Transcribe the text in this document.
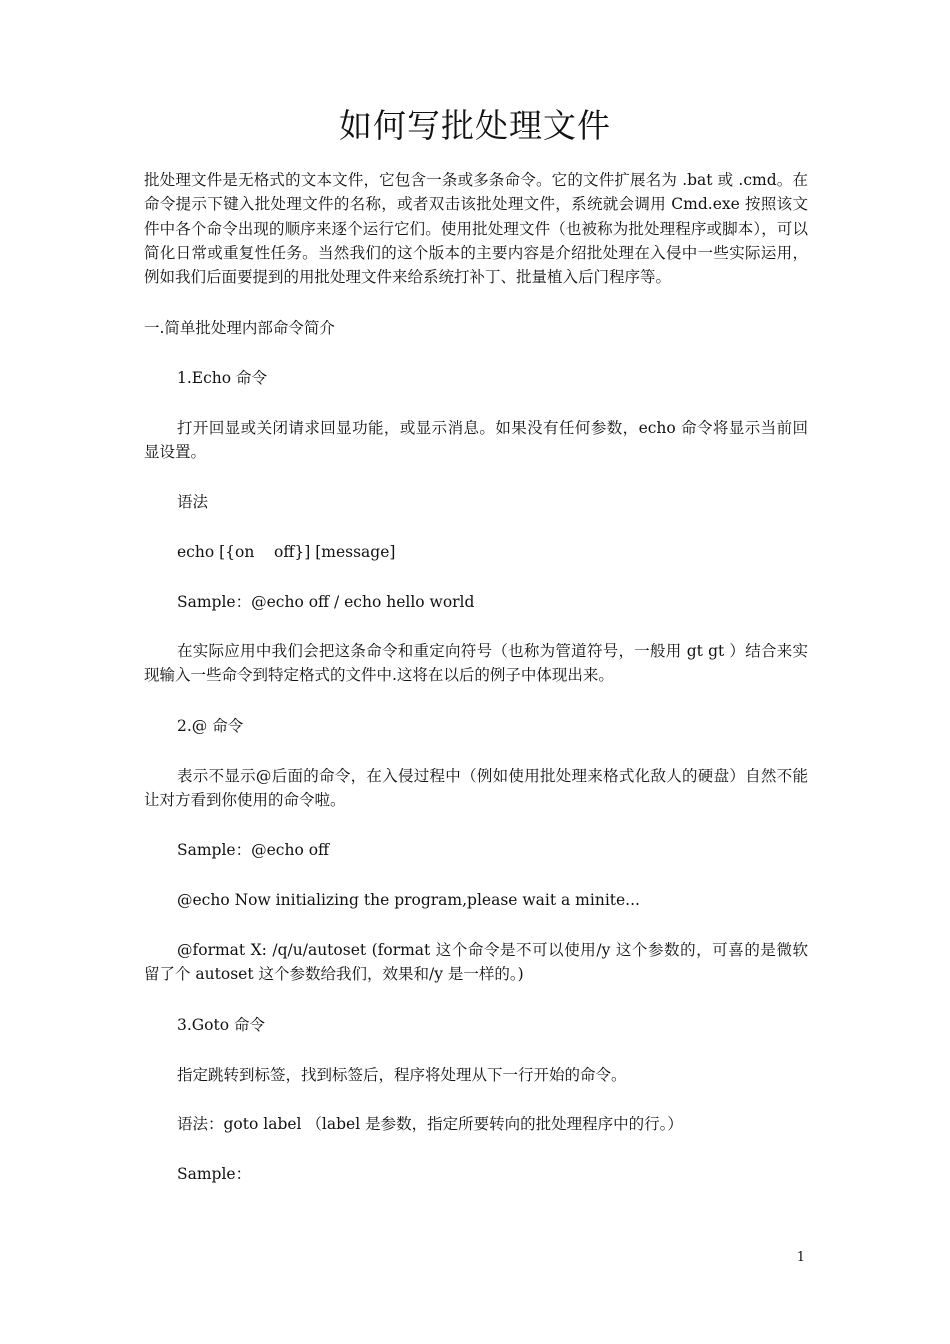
如何写批处理文件
批处理文件是无格式的文本文件，它包含一条或多条命令。它的文件扩展名为 .bat 或 .cmd。在命令提示下键入批处理文件的名称，或者双击该批处理文件，系统就会调用 Cmd.exe 按照该文件中各个命令出现的顺序来逐个运行它们。使用批处理文件（也被称为批处理程序或脚本），可以简化日常或重复性任务。当然我们的这个版本的主要内容是介绍批处理在入侵中一些实际运用，例如我们后面要提到的用批处理文件来给系统打补丁、批量植入后门程序等。
一.简单批处理内部命令简介
1.Echo 命令
打开回显或关闭请求回显功能，或显示消息。如果没有任何参数，echo 命令将显示当前回显设置。
语法
echo [{on    off}] [message]
Sample：@echo off / echo hello world
在实际应用中我们会把这条命令和重定向符号（也称为管道符号，一般用 gt gt ）结合来实现输入一些命令到特定格式的文件中.这将在以后的例子中体现出来。
2.@ 命令
表示不显示@后面的命令，在入侵过程中（例如使用批处理来格式化敌人的硬盘）自然不能让对方看到你使用的命令啦。
Sample：@echo off
@echo Now initializing the program,please wait a minite...
@format X: /q/u/autoset (format 这个命令是不可以使用/y 这个参数的，可喜的是微软留了个 autoset 这个参数给我们，效果和/y 是一样的。)
3.Goto 命令
指定跳转到标签，找到标签后，程序将处理从下一行开始的命令。
语法：goto label （label 是参数，指定所要转向的批处理程序中的行。）
Sample：
1
